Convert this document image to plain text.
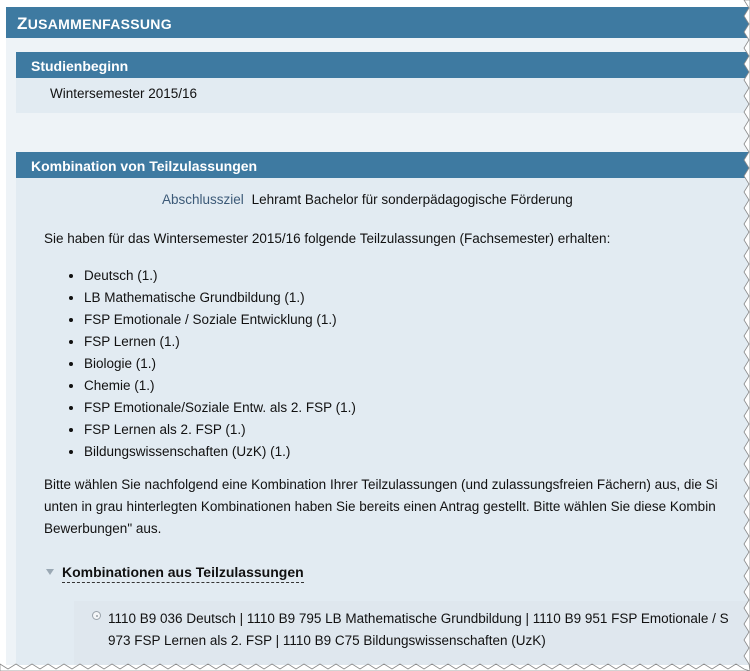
ZUSAMMENFASSUNG
Studienbeginn
Wintersemester 2015/16
Kombination von Teilzulassungen
Abschlussziel Lehramt Bachelor für sonderpädagogische Förderung
Sie haben für das Wintersemester 2015/16 folgende Teilzulassungen (Fachsemester) erhalten:
• Deutsch (1.)
• LB Mathematische Grundbildung (1.)
• FSP Emotionale / Soziale Entwicklung (1.)
• FSP Lernen (1.)
• Biologie (1.)
• Chemie (1.)
• FSP Emotionale/Soziale Entw. als 2. FSP (1.)
• FSP Lernen als 2. FSP (1.)
• Bildungswissenschaften (UzK) (1.)
Bitte wählen Sie nachfolgend eine Kombination Ihrer Teilzulassungen (und zulassungsfreien Fächern) aus, die Si
unten in grau hinterlegten Kombinationen haben Sie bereits einen Antrag gestellt. Bitte wählen Sie diese Kombin
Bewerbungen" aus.
Kombinationen aus Teilzulassungen
1110 B9 036 Deutsch | 1110 B9 795 LB Mathematische Grundbildung | 1110 B9 951 FSP Emotionale / S
973 FSP Lernen als 2. FSP | 1110 B9 C75 Bildungswissenschaften (UzK)
